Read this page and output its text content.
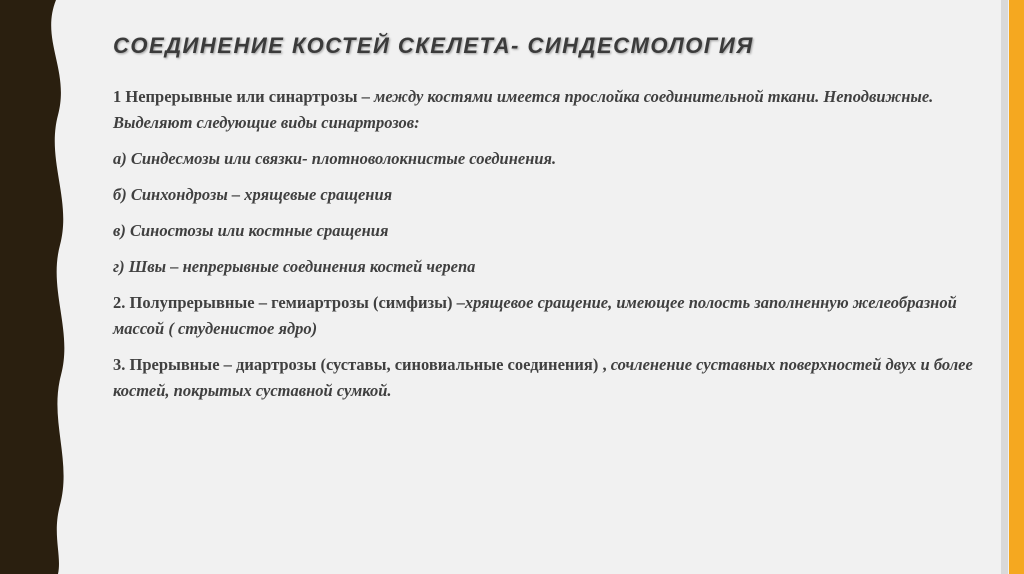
СОЕДИНЕНИЕ КОСТЕЙ СКЕЛЕТА- СИНДЕСМОЛОГИЯ

1 Непрерывные или синартрозы – между костями имеется прослойка соединительной ткани. Неподвижные. Выделяют следующие виды синартрозов:

а) Синдесмозы или связки- плотноволокнистые соединения.

б) Синхондрозы – хрящевые сращения

в) Синостозы или костные сращения

г) Швы – непрерывные соединения костей черепа

2. Полупрерывные – гемиартрозы (симфизы) –хрящевое сращение, имеющее полость заполненную желеобразной массой ( студенистое ядро)

3. Прерывные – диартрозы (суставы, синовиальные соединения) , сочленение суставных поверхностей двух и более костей, покрытых суставной сумкой.
